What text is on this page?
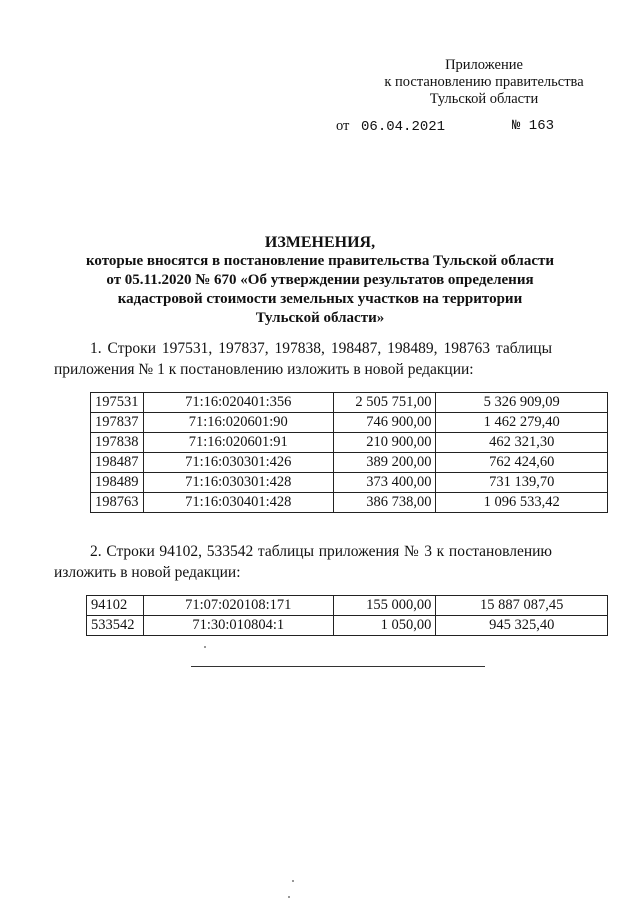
Приложение
к постановлению правительства
Тульской области
от 06.04.2021	№ 163
ИЗМЕНЕНИЯ,
которые вносятся в постановление правительства Тульской области
от 05.11.2020 № 670 «Об утверждении результатов определения
кадастровой стоимости земельных участков на территории
Тульской области»
1. Строки 197531, 197837, 197838, 198487, 198489, 198763 таблицы приложения № 1 к постановлению изложить в новой редакции:
197531	71:16:020401:356	2 505 751,00	5 326 909,09
197837	71:16:020601:90	746 900,00	1 462 279,40
197838	71:16:020601:91	210 900,00	462 321,30
198487	71:16:030301:426	389 200,00	762 424,60
198489	71:16:030301:428	373 400,00	731 139,70
198763	71:16:030401:428	386 738,00	1 096 533,42
2. Строки 94102, 533542 таблицы приложения № 3 к постановлению изложить в новой редакции:
94102	71:07:020108:171	155 000,00	15 887 087,45
533542	71:30:010804:1	1 050,00	945 325,40
